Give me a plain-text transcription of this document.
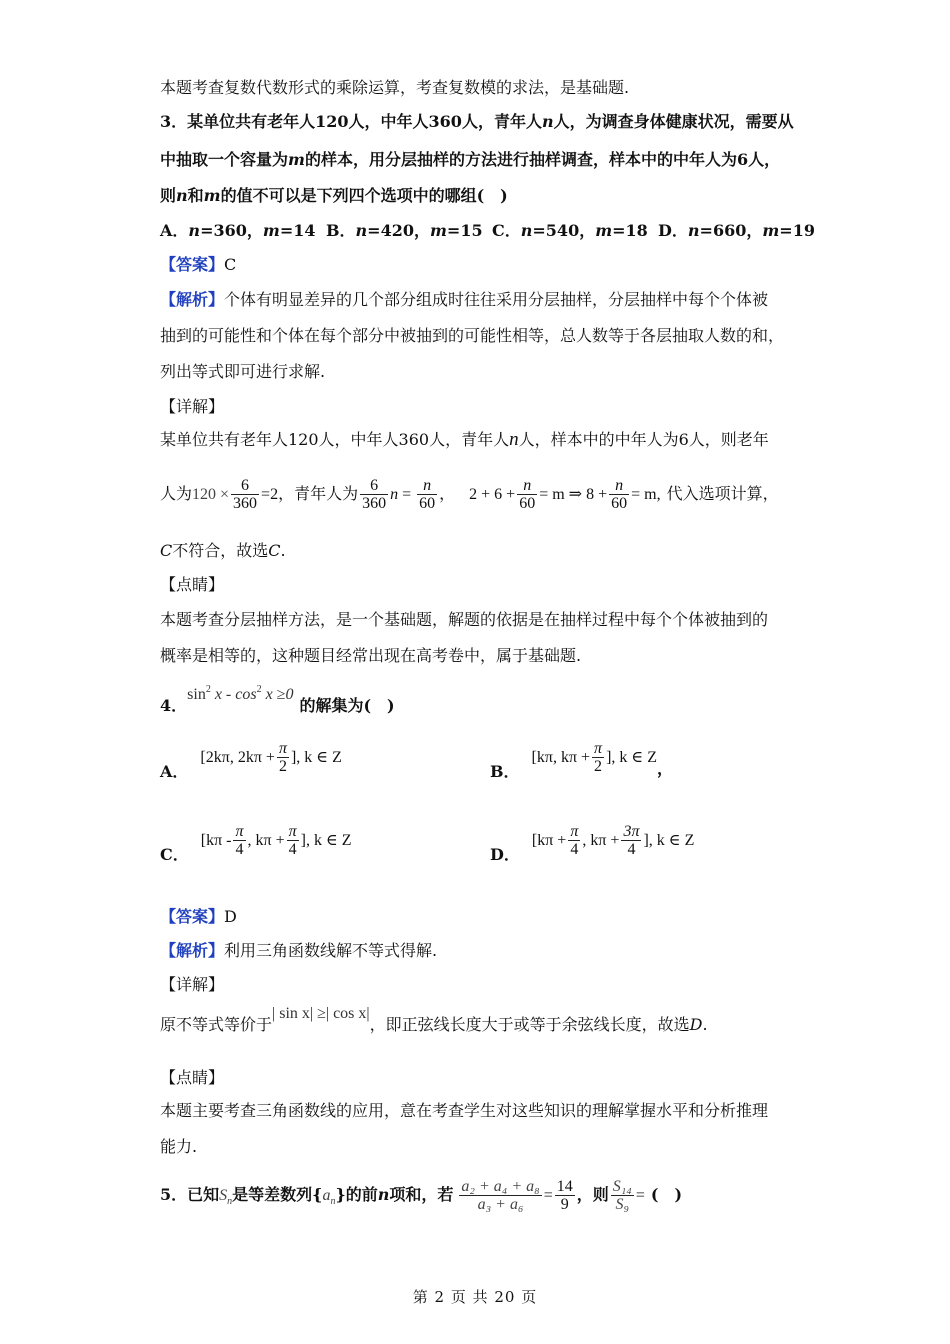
本题考查复数代数形式的乘除运算，考查复数模的求法，是基础题.
3．某单位共有老年人120人，中年人360人，青年人n人，为调查身体健康状况，需要从
中抽取一个容量为m的样本，用分层抽样的方法进行抽样调查，样本中的中年人为6人，
则n和m的值不可以是下列四个选项中的哪组(　)
A．n=360，m=14 B．n=420，m=15 C．n=540，m=18 D．n=660，m=19
【答案】C
【解析】个体有明显差异的几个部分组成时往往采用分层抽样，分层抽样中每个个体被
抽到的可能性和个体在每个部分中被抽到的可能性相等，总人数等于各层抽取人数的和，
列出等式即可进行求解.
【详解】
某单位共有老年人120人，中年人360人，青年人n人，样本中的中年人为6人，则老年
人为$120 \times \frac{6}{360} =2$，青年人为 $\frac{6}{360}$ $n = \frac{n}{60}$ ， $2 + 6 + \frac{n}{60} = m$ ⇒ $8 + \frac{n}{60} = m$, 代入选项计算，
C不符合，故选C.
【点睛】
本题考查分层抽样方法，是一个基础题，解题的依据是在抽样过程中每个个体被抽到的
概率是相等的，这种题目经常出现在高考卷中，属于基础题.
4．$\sin^2 x - \cos^2 x \ge 0$的解集为(　)
A．[2kπ, $2k\pi + \frac{\pi}{2}$ ], k ∈ Z
B．[kπ, $k\pi + \frac{\pi}{2}$ ], k ∈ Z，
C．[$k\pi - \frac{\pi}{4}$ , $k\pi + \frac{\pi}{4}$ ], k ∈ Z
D．[$k\pi + \frac{\pi}{4}$ , $k\pi + \frac{3\pi}{4}$ ], k ∈ Z
【答案】D
【解析】利用三角函数线解不等式得解.
【详解】
原不等式等价于| sin x| ≥| cos x|，即正弦线长度大于或等于余弦线长度，故选D.
【点睛】
本题主要考查三角函数线的应用，意在考查学生对这些知识的理解掌握水平和分析推理
能力.
5．已知$S_n$是等差数列$\{a_n\}$的前n项和，若 $\frac{\text{a₂ + a₄ + a₈}}{\text{a₃ + a₆}} = \frac{14}{9}$ ，则 $\frac{\text{S₁₄}}{\text{S₉}}$ = (　)
第 2 页 共 20 页
